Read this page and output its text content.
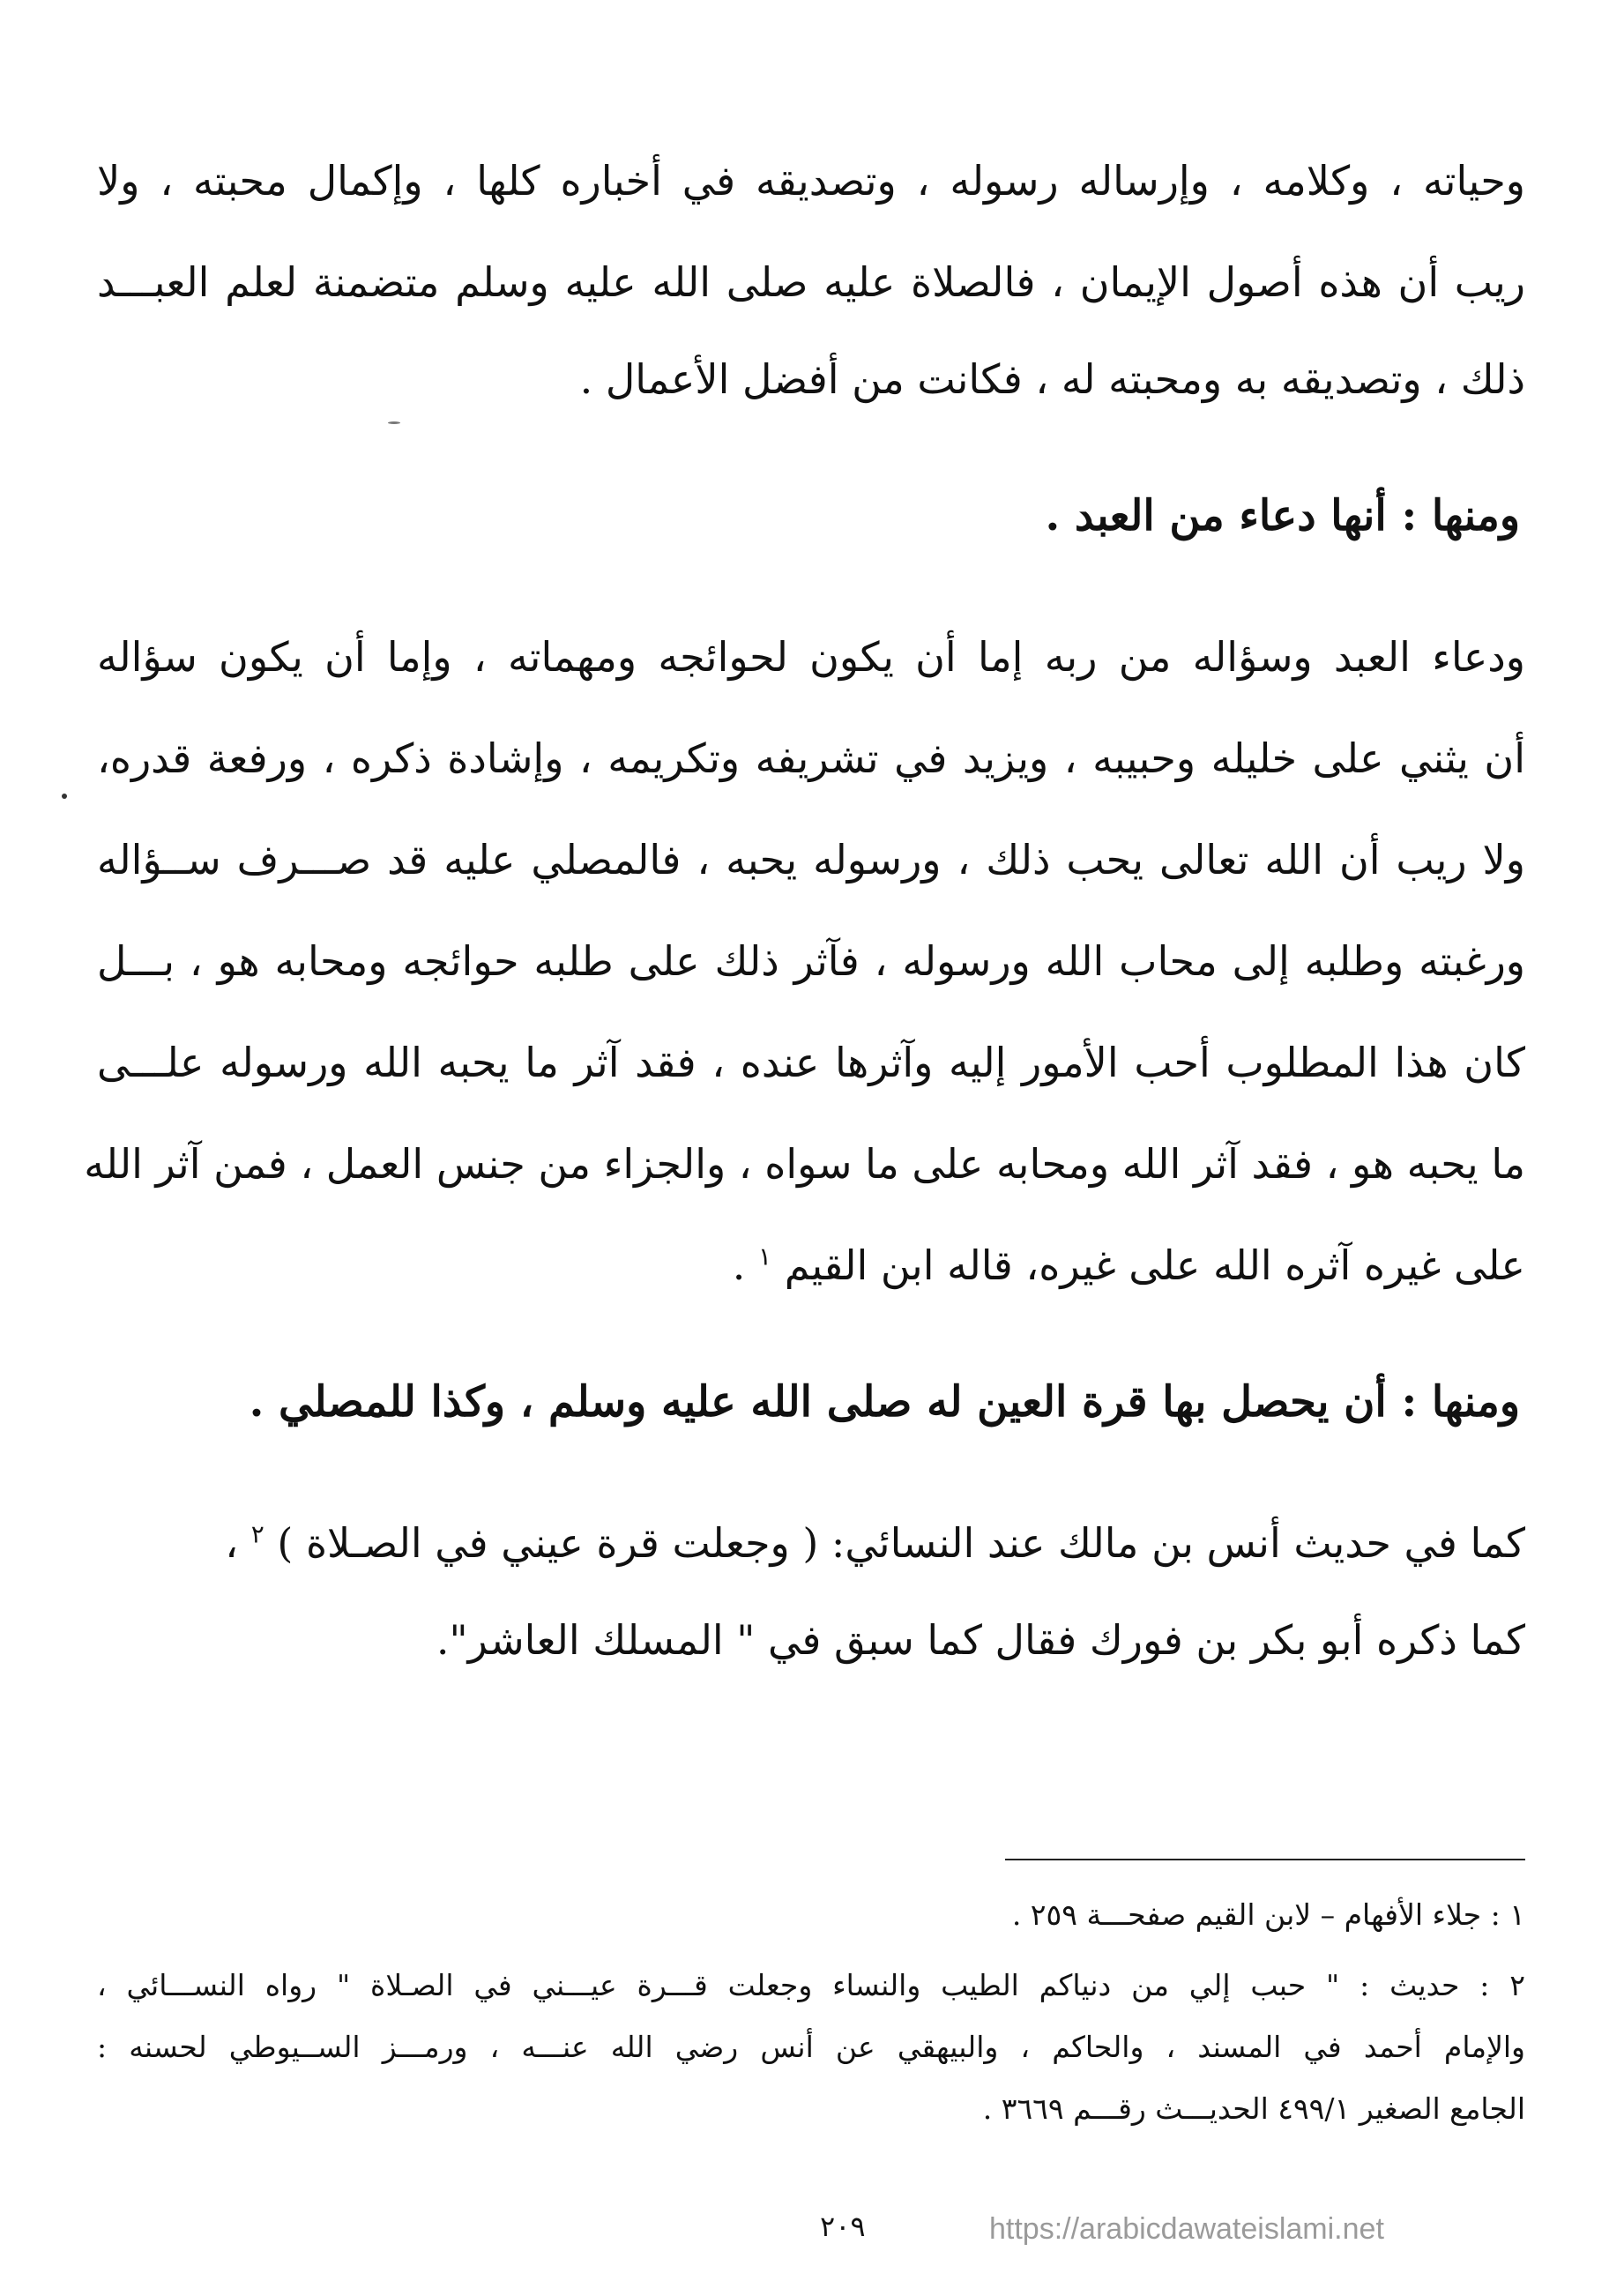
وحياته ، وكلامه ، وإرساله رسوله ، وتصديقه في أخباره كلها ، وإكمال محبته ، ولا
ريب أن هذه أصول الإيمان ، فالصلاة عليه صلى الله عليه وسلم متضمنة لعلم العبـــد
ذلك ، وتصديقه به ومحبته له ، فكانت من أفضل الأعمال .
ومنها : أنها دعاء من العبد .
ودعاء العبد وسؤاله من ربه إما أن يكون لحوائجه ومهماته ، وإما أن يكون سؤاله
أن يثني على خليله وحبيبه ، ويزيد في تشريفه وتكريمه ، وإشادة ذكره ، ورفعة قدره،
ولا ريب أن الله تعالى يحب ذلك ، ورسوله يحبه ، فالمصلي عليه قد صـــرف ســؤاله
ورغبته وطلبه إلى محاب الله ورسوله ، فآثر ذلك على طلبه حوائجه ومحابه هو ، بـــل
كان هذا المطلوب أحب الأمور إليه وآثرها عنده ، فقد آثر ما يحبه الله ورسوله علـــى
ما يحبه هو ، فقد آثر الله ومحابه على ما سواه ، والجزاء من جنس العمل ، فمن آثر الله
على غيره آثره الله على غيره، قاله ابن القيم $^١$ .
ومنها : أن يحصل بها قرة العين له صلى الله عليه وسلم ، وكذا للمصلي .
كما في حديث أنس بن مالك عند النسائي: ( وجعلت قرة عيني في الصـلاة ) $^٢$ ،
كما ذكره أبو بكر بن فورك فقال كما سبق في " المسلك العاشر".
١ : جلاء الأفهام – لابن القيم صفحـــة ٢٥٩ .
٢ : حديث : " حبب إلي من دنياكم الطيب والنساء وجعلت قـــرة عيـــني في الصـلاة " رواه النســـائي ،
والإمام أحمد في المسند ، والحاكم ، والبيهقي عن أنس رضي الله عنـــه ، ورمـــز الســيوطي لحسنه :
الجامع الصغير ٤٩٩/١ الحديـــث رقـــم ٣٦٦٩ .
٢٠٩	https://arabicdawateislami.net
